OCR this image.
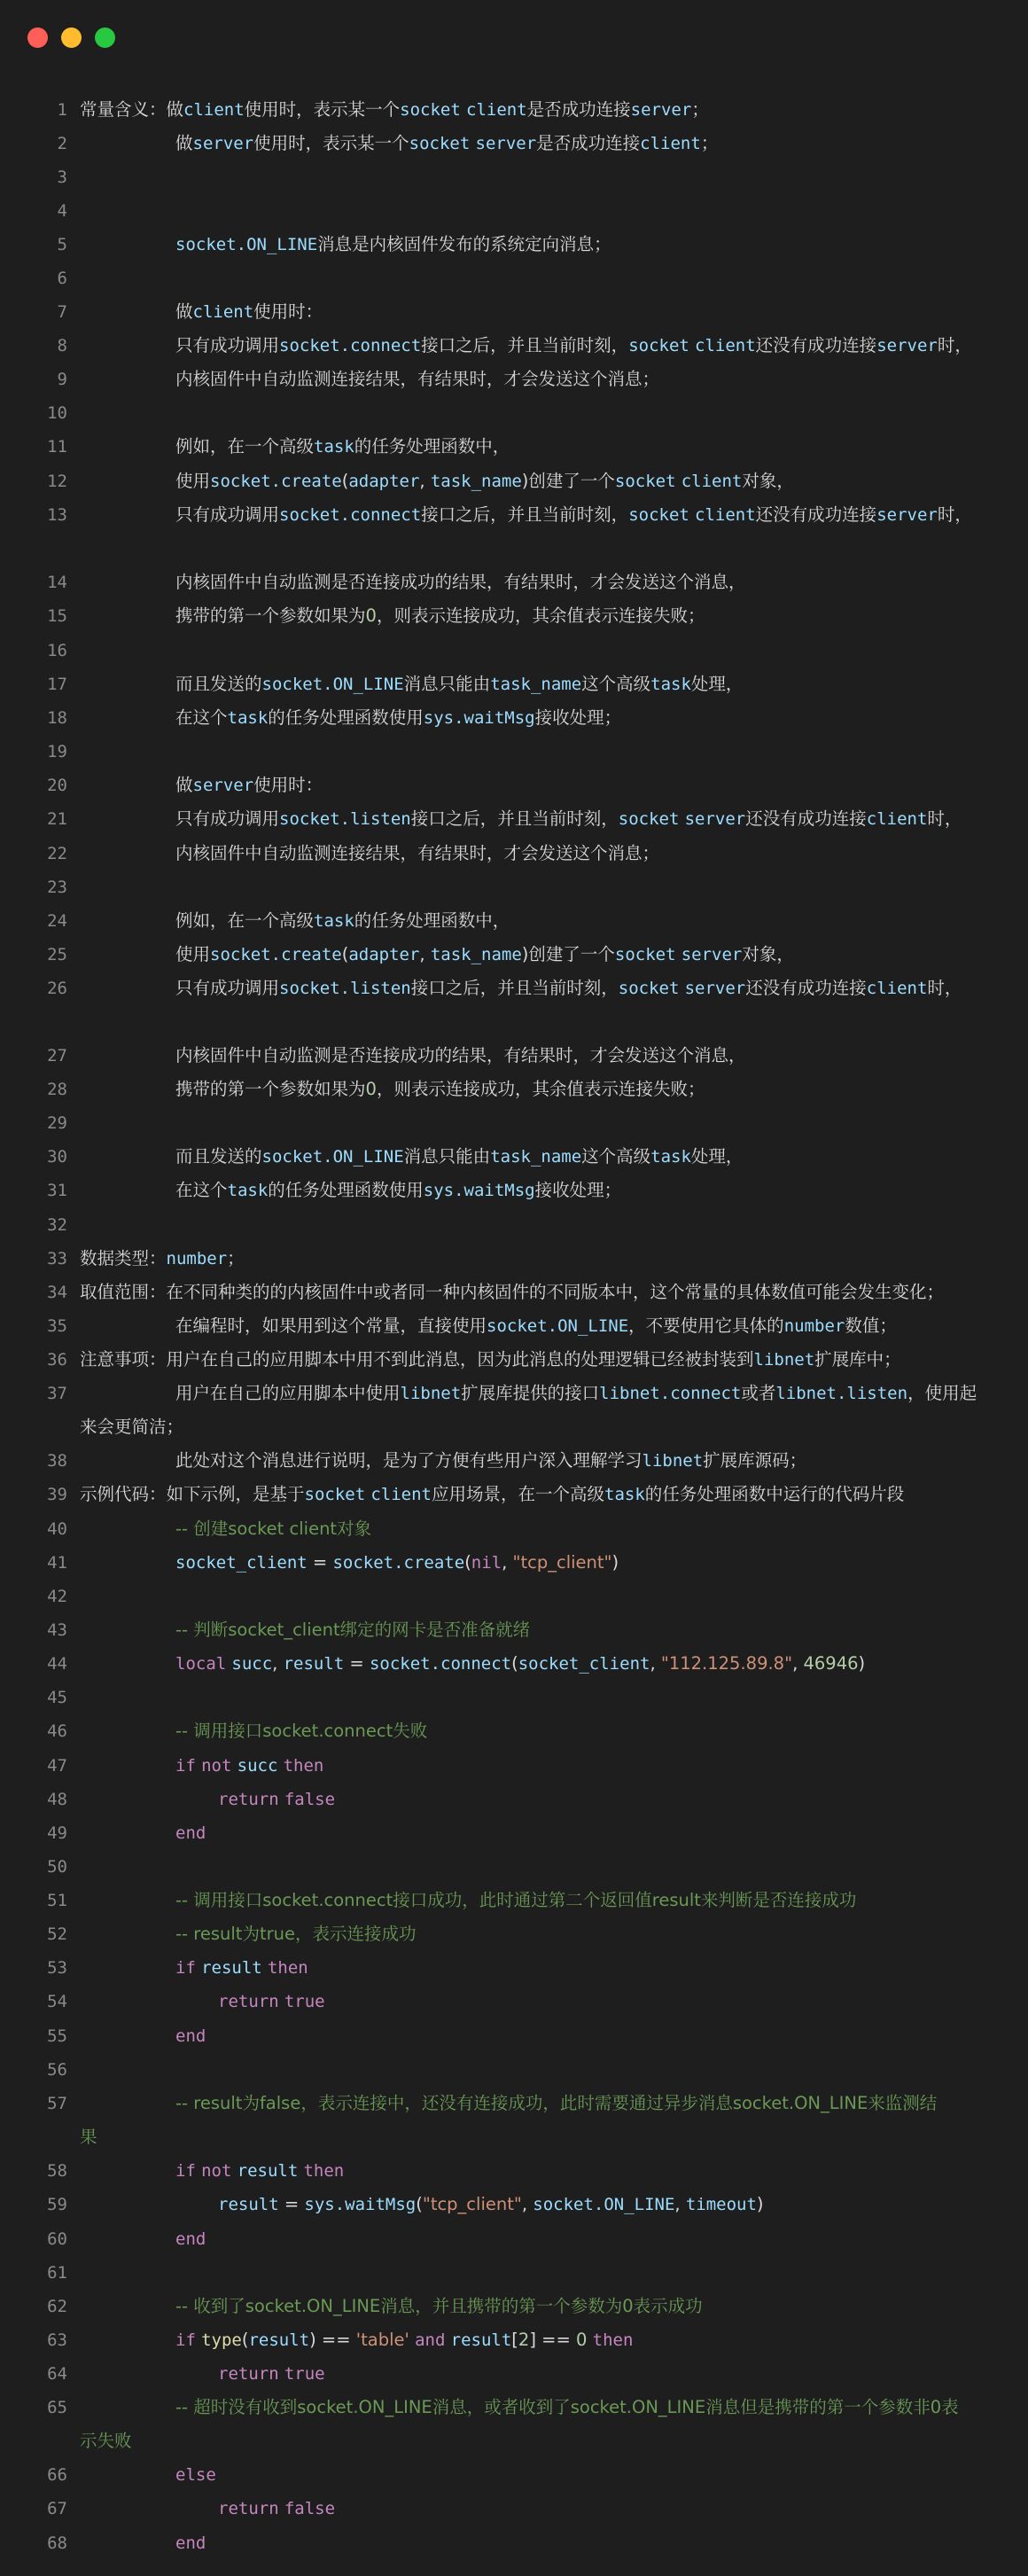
1 常量含义：做client使用时，表示某一个socket client是否成功连接server；
2	做server使用时，表示某一个socket server是否成功连接client；
3
4
5	socket.ON_LINE消息是内核固件发布的系统定向消息；
6
7	做client使用时：
8	只有成功调用socket.connect接口之后，并且当前时刻，socket client还没有成功连接server时，
9	内核固件中自动监测连接结果，有结果时，才会发送这个消息；
10
11	例如，在一个高级task的任务处理函数中，
12	使用socket.create(adapter, task_name)创建了一个socket client对象，
13	只有成功调用socket.connect接口之后，并且当前时刻，socket client还没有成功连接server时，
14	内核固件中自动监测是否连接成功的结果，有结果时，才会发送这个消息，
15	携带的第一个参数如果为0，则表示连接成功，其余值表示连接失败；
16
17	而且发送的socket.ON_LINE消息只能由task_name这个高级task处理，
18	在这个task的任务处理函数使用sys.waitMsg接收处理；
19
20	做server使用时：
21	只有成功调用socket.listen接口之后，并且当前时刻，socket server还没有成功连接client时，
22	内核固件中自动监测连接结果，有结果时，才会发送这个消息；
23
24	例如，在一个高级task的任务处理函数中，
25	使用socket.create(adapter, task_name)创建了一个socket server对象，
26	只有成功调用socket.listen接口之后，并且当前时刻，socket server还没有成功连接client时，
27	内核固件中自动监测是否连接成功的结果，有结果时，才会发送这个消息，
28	携带的第一个参数如果为0，则表示连接成功，其余值表示连接失败；
29
30	而且发送的socket.ON_LINE消息只能由task_name这个高级task处理，
31	在这个task的任务处理函数使用sys.waitMsg接收处理；
32
33 数据类型：number；
34 取值范围：在不同种类的的内核固件中或者同一种内核固件的不同版本中，这个常量的具体数值可能会发生变化；
35	在编程时，如果用到这个常量，直接使用socket.ON_LINE，不要使用它具体的number数值；
36 注意事项：用户在自己的应用脚本中用不到此消息，因为此消息的处理逻辑已经被封装到libnet扩展库中；
37	用户在自己的应用脚本中使用libnet扩展库提供的接口libnet.connect或者libnet.listen，使用起
来会更简洁；
38	此处对这个消息进行说明，是为了方便有些用户深入理解学习libnet扩展库源码；
39 示例代码：如下示例，是基于socket client应用场景，在一个高级task的任务处理函数中运行的代码片段
40	-- 创建socket client对象
41	socket_client = socket.create(nil, "tcp_client")
42
43	-- 判断socket_client绑定的网卡是否准备就绪
44	local succ, result = socket.connect(socket_client, "112.125.89.8", 46946)
45
46	-- 调用接口socket.connect失败
47	if not succ then
48	return false
49	end
50
51	-- 调用接口socket.connect接口成功，此时通过第二个返回值result来判断是否连接成功
52	-- result为true，表示连接成功
53	if result then
54	return true
55	end
56
57	-- result为false，表示连接中，还没有连接成功，此时需要通过异步消息socket.ON_LINE来监测结
果
58	if not result then
59	result = sys.waitMsg("tcp_client", socket.ON_LINE, timeout)
60	end
61
62	-- 收到了socket.ON_LINE消息，并且携带的第一个参数为0表示成功
63	if type(result) == 'table' and result[2] == 0 then
64	return true
65	-- 超时没有收到socket.ON_LINE消息，或者收到了socket.ON_LINE消息但是携带的第一个参数非0表
示失败
66	else
67	return false
68	end
